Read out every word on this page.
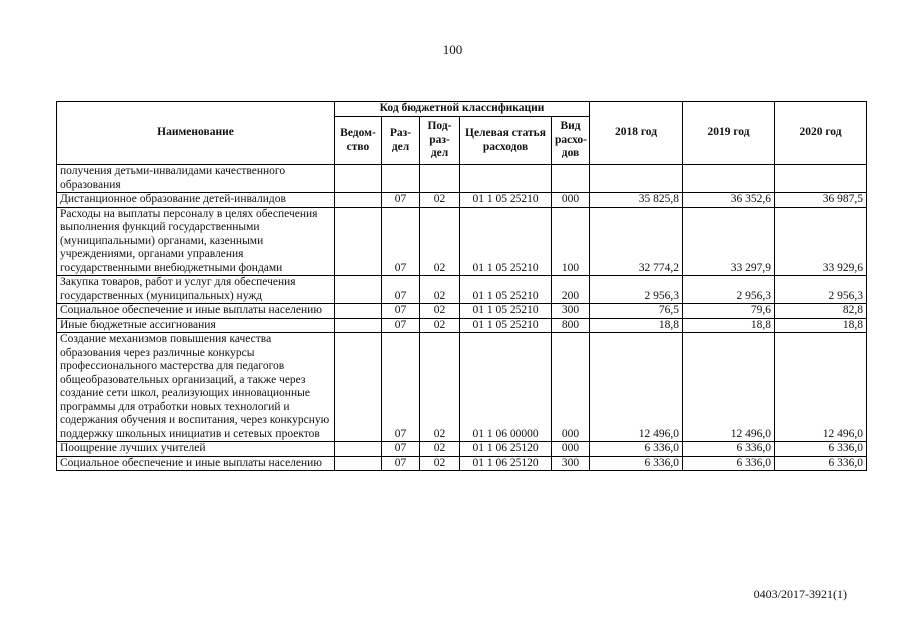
100
Наименование	Код бюджетной классификации					2018 год	2019 год	2020 год
	Ведом-ство	Раз-дел	Под-раз-дел	Целевая статья расходов	Вид расхо-дов			
получения детьми-инвалидами качественного образования								
Дистанционное образование детей-инвалидов		07	02	01 1 05 25210	000	35 825,8	36 352,6	36 987,5
Расходы на выплаты персоналу в целях обеспечения выполнения функций государственными (муниципальными) органами, казенными учреждениями, органами управления государственными внебюджетными фондами		07	02	01 1 05 25210	100	32 774,2	33 297,9	33 929,6
Закупка товаров, работ и услуг для обеспечения государственных (муниципальных) нужд		07	02	01 1 05 25210	200	2 956,3	2 956,3	2 956,3
Социальное обеспечение и иные выплаты населению		07	02	01 1 05 25210	300	76,5	79,6	82,8
Иные бюджетные ассигнования		07	02	01 1 05 25210	800	18,8	18,8	18,8
Создание механизмов повышения качества образования через различные конкурсы профессионального мастерства для педагогов общеобразовательных организаций, а также через создание сети школ, реализующих инновационные программы для отработки новых технологий и содержания обучения и воспитания, через конкурсную поддержку школьных инициатив и сетевых проектов		07	02	01 1 06 00000	000	12 496,0	12 496,0	12 496,0
Поощрение лучших учителей		07	02	01 1 06 25120	000	6 336,0	6 336,0	6 336,0
Социальное обеспечение и иные выплаты населению		07	02	01 1 06 25120	300	6 336,0	6 336,0	6 336,0
0403/2017-3921(1)
